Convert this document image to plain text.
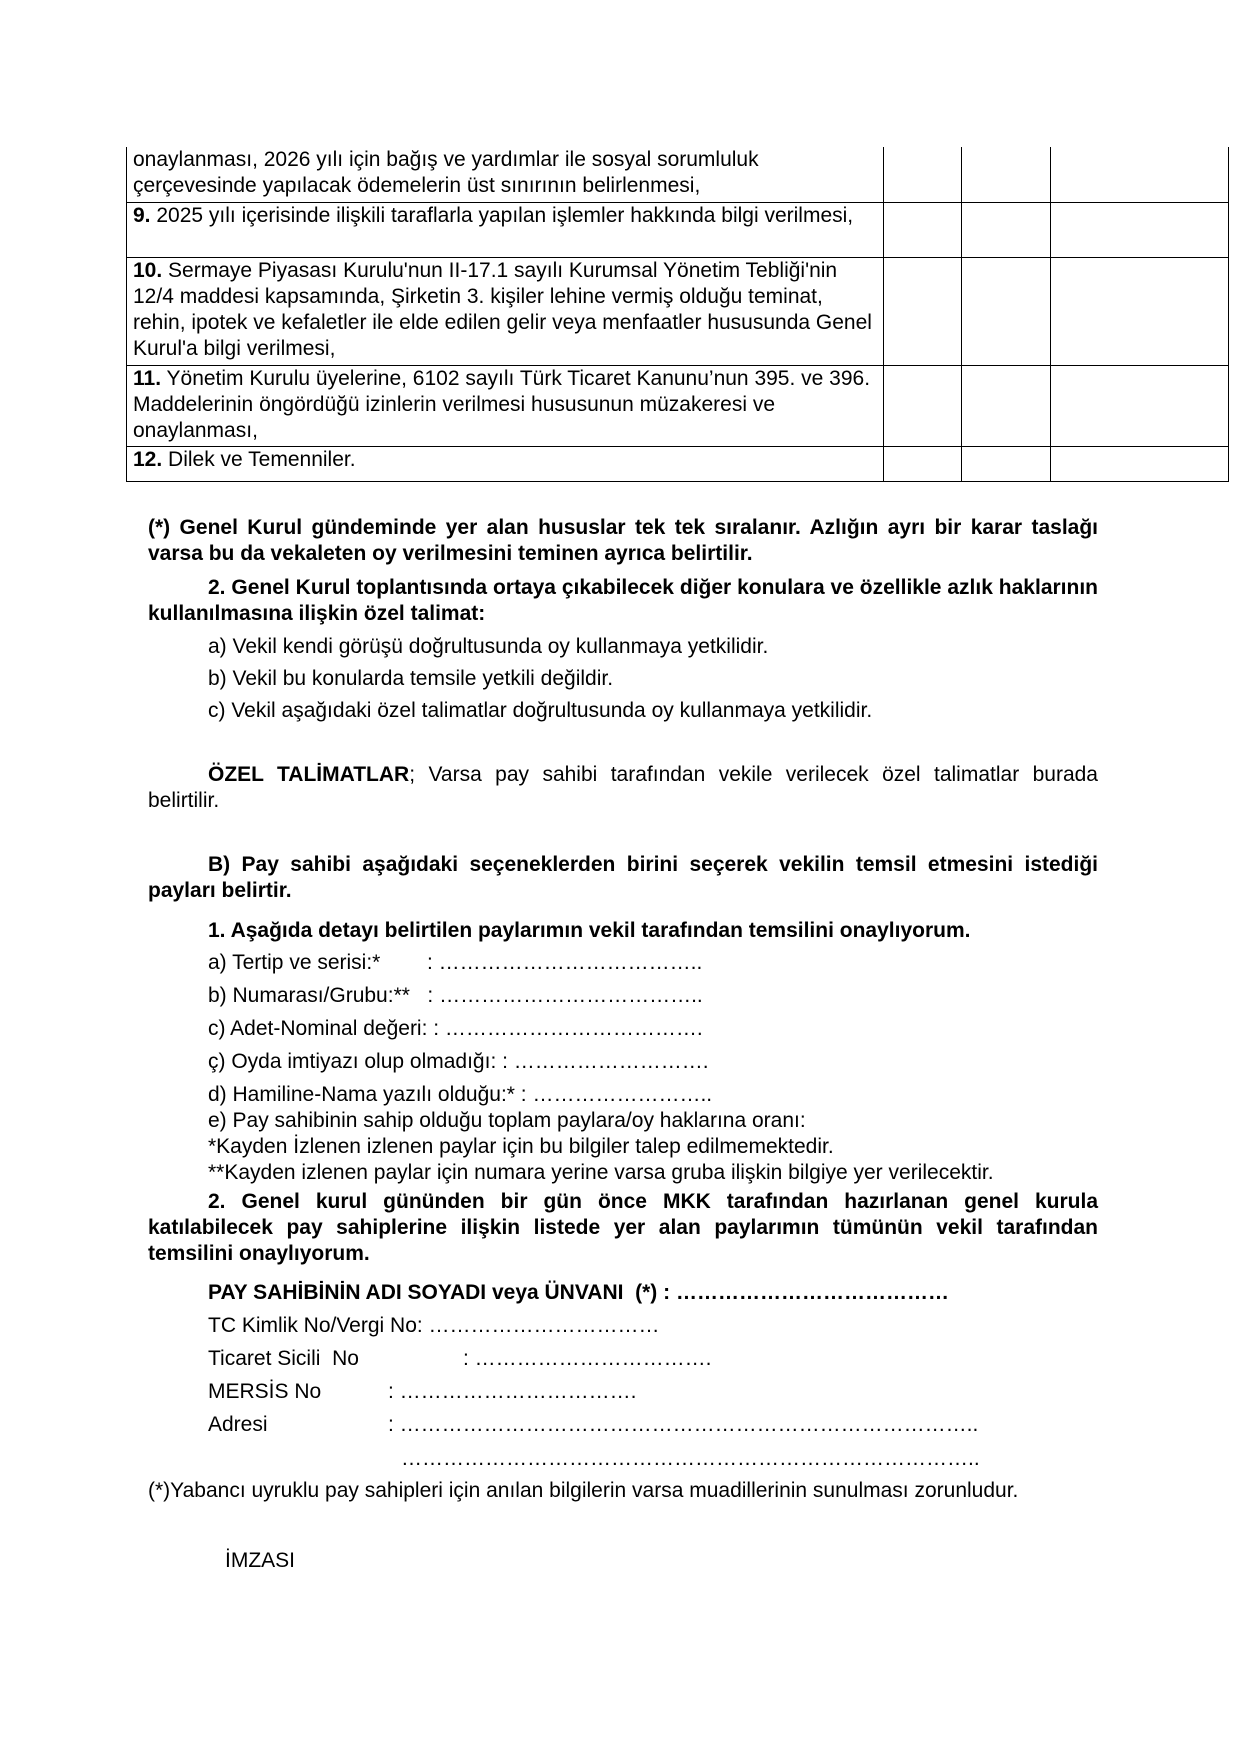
onaylanması, 2026 yılı için bağış ve yardımlar ile sosyal sorumluluk çerçevesinde yapılacak ödemelerin üst sınırının belirlenmesi,			
9. 2025 yılı içerisinde ilişkili taraflarla yapılan işlemler hakkında bilgi verilmesi,			
10. Sermaye Piyasası Kurulu'nun II-17.1 sayılı Kurumsal Yönetim Tebliği'nin 12/4 maddesi kapsamında, Şirketin 3. kişiler lehine vermiş olduğu teminat, rehin, ipotek ve kefaletler ile elde edilen gelir veya menfaatler hususunda Genel Kurul'a bilgi verilmesi,			
11. Yönetim Kurulu üyelerine, 6102 sayılı Türk Ticaret Kanunu’nun 395. ve 396. Maddelerinin öngördüğü izinlerin verilmesi hususunun müzakeresi ve onaylanması,			
12. Dilek ve Temenniler.			
(*) Genel Kurul gündeminde yer alan hususlar tek tek sıralanır. Azlığın ayrı bir karar taslağı varsa bu da vekaleten oy verilmesini teminen ayrıca belirtilir.
2. Genel Kurul toplantısında ortaya çıkabilecek diğer konulara ve özellikle azlık haklarının kullanılmasına ilişkin özel talimat:
a) Vekil kendi görüşü doğrultusunda oy kullanmaya yetkilidir.
b) Vekil bu konularda temsile yetkili değildir.
c) Vekil aşağıdaki özel talimatlar doğrultusunda oy kullanmaya yetkilidir.
ÖZEL TALİMATLAR; Varsa pay sahibi tarafından vekile verilecek özel talimatlar burada belirtilir.
B) Pay sahibi aşağıdaki seçeneklerden birini seçerek vekilin temsil etmesini istediği payları belirtir.
1. Aşağıda detayı belirtilen paylarımın vekil tarafından temsilini onaylıyorum.
a) Tertip ve serisi:*        : ………………………………..
b) Numarası/Grubu:**   : ………………………………..
c) Adet-Nominal değeri: : ……………………………….
ç) Oyda imtiyazı olup olmadığı: : ……………………….
d) Hamiline-Nama yazılı olduğu:* : ……………………..
e) Pay sahibinin sahip olduğu toplam paylara/oy haklarına oranı:
*Kayden İzlenen izlenen paylar için bu bilgiler talep edilmemektedir.
**Kayden izlenen paylar için numara yerine varsa gruba ilişkin bilgiye yer verilecektir.
2. Genel kurul gününden bir gün önce MKK tarafından hazırlanan genel kurula katılabilecek pay sahiplerine ilişkin listede yer alan paylarımın tümünün vekil tarafından temsilini onaylıyorum.
PAY SAHİBİNİN ADI SOYADI veya ÜNVANI  (*) : …………………………………
TC Kimlik No/Vergi No: ……………………………
Ticaret Sicili  No	: …………………………….
MERSİS No	: …………………………….
Adresi	: ………………………………………………………………………..
………………………………………………………………………..
(*)Yabancı uyruklu pay sahipleri için anılan bilgilerin varsa muadillerinin sunulması zorunludur.
İMZASI
